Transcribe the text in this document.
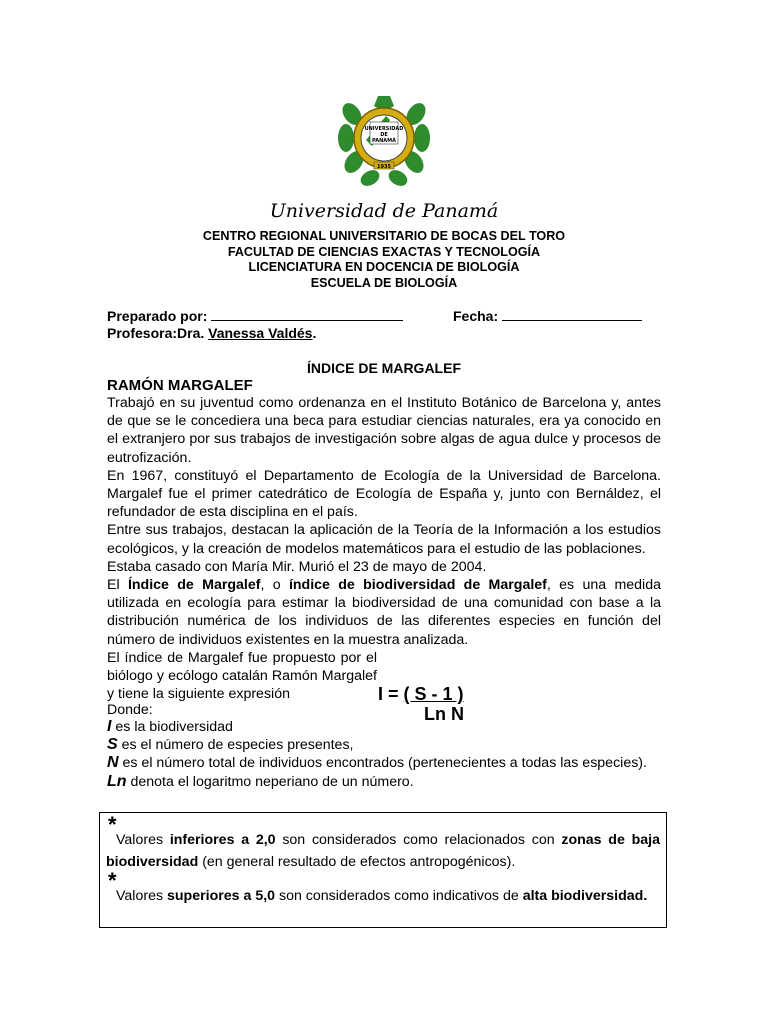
UNIVERSIDAD
DE
PANAMÁ
1935
Universidad de Panamá
CENTRO REGIONAL UNIVERSITARIO DE BOCAS DEL TORO
FACULTAD DE CIENCIAS EXACTAS Y TECNOLOGÍA
LICENCIATURA EN DOCENCIA DE BIOLOGÍA
ESCUELA DE BIOLOGÍA
Preparado por:	Fecha:
Profesora:Dra. Vanessa Valdés.
ÍNDICE DE MARGALEF
RAMÓN MARGALEF

Trabajó en su juventud como ordenanza en el Instituto Botánico de Barcelona y, antes de que se le concediera una beca para estudiar ciencias naturales, era ya conocido en el extranjero por sus trabajos de investigación sobre algas de agua dulce y procesos de eutrofización.

En 1967, constituyó el Departamento de Ecología de la Universidad de Barcelona. Margalef fue el primer catedrático de Ecología de España y, junto con Bernáldez, el refundador de esta disciplina en el país.

Entre sus trabajos, destacan la aplicación de la Teoría de la Información a los estudios ecológicos, y la creación de modelos matemáticos para el estudio de las poblaciones.

Estaba casado con María Mir. Murió el 23 de mayo de 2004.

El Índice de Margalef, o índice de biodiversidad de Margalef, es una medida utilizada en ecología para estimar la biodiversidad de una comunidad con base a la distribución numérica de los individuos de las diferentes especies en función del número de individuos existentes en la muestra analizada.

El índice de Margalef fue propuesto por el biólogo y ecólogo catalán Ramón Margalef y tiene la siguiente expresión

Donde:

I = ( S - 1 )
Ln N

I es la biodiversidad

S es el número de especies presentes,

N es el número total de individuos encontrados (pertenecientes a todas las especies).

Ln denota el logaritmo neperiano de un número.

*
Valores inferiores a 2,0 son considerados como relacionados con zonas de baja biodiversidad (en general resultado de efectos antropogénicos).
*
Valores superiores a 5,0 son considerados como indicativos de alta biodiversidad.
